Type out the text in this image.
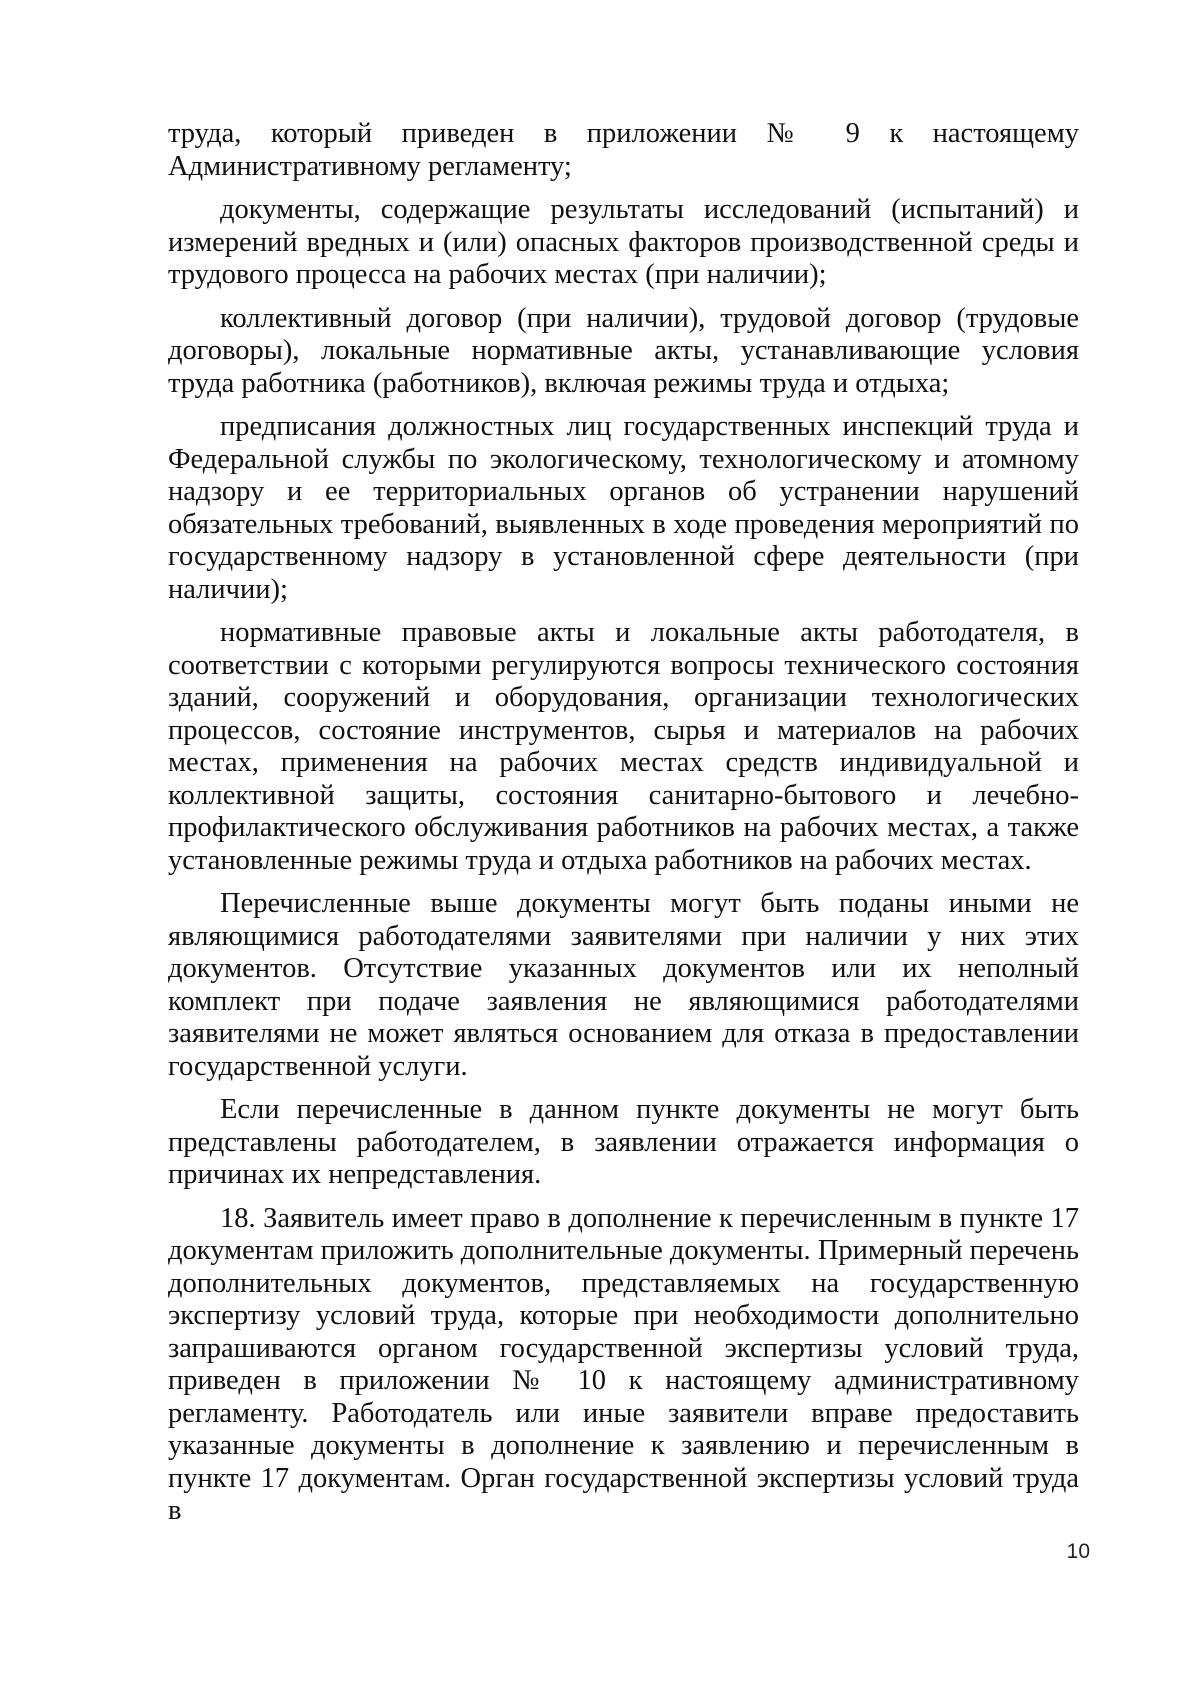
труда, который приведен в приложении № 9 к настоящему Административному регламенту;

документы, содержащие результаты исследований (испытаний) и измерений вредных и (или) опасных факторов производственной среды и трудового процесса на рабочих местах (при наличии);

коллективный договор (при наличии), трудовой договор (трудовые договоры), локальные нормативные акты, устанавливающие условия труда работника (работников), включая режимы труда и отдыха;

предписания должностных лиц государственных инспекций труда и Федеральной службы по экологическому, технологическому и атомному надзору и ее территориальных органов об устранении нарушений обязательных требований, выявленных в ходе проведения мероприятий по государственному надзору в установленной сфере деятельности (при наличии);

нормативные правовые акты и локальные акты работодателя, в соответствии с которыми регулируются вопросы технического состояния зданий, сооружений и оборудования, организации технологических процессов, состояние инструментов, сырья и материалов на рабочих местах, применения на рабочих местах средств индивидуальной и коллективной защиты, состояния санитарно-бытового и лечебно-профилактического обслуживания работников на рабочих местах, а также установленные режимы труда и отдыха работников на рабочих местах.

Перечисленные выше документы могут быть поданы иными не являющимися работодателями заявителями при наличии у них этих документов. Отсутствие указанных документов или их неполный комплект при подаче заявления не являющимися работодателями заявителями не может являться основанием для отказа в предоставлении государственной услуги.

Если перечисленные в данном пункте документы не могут быть представлены работодателем, в заявлении отражается информация о причинах их непредставления.

18. Заявитель имеет право в дополнение к перечисленным в пункте 17 документам приложить дополнительные документы. Примерный перечень дополнительных документов, представляемых на государственную экспертизу условий труда, которые при необходимости дополнительно запрашиваются органом государственной экспертизы условий труда, приведен в приложении № 10 к настоящему административному регламенту. Работодатель или иные заявители вправе предоставить указанные документы в дополнение к заявлению и перечисленным в пункте 17 документам. Орган государственной экспертизы условий труда в

10
